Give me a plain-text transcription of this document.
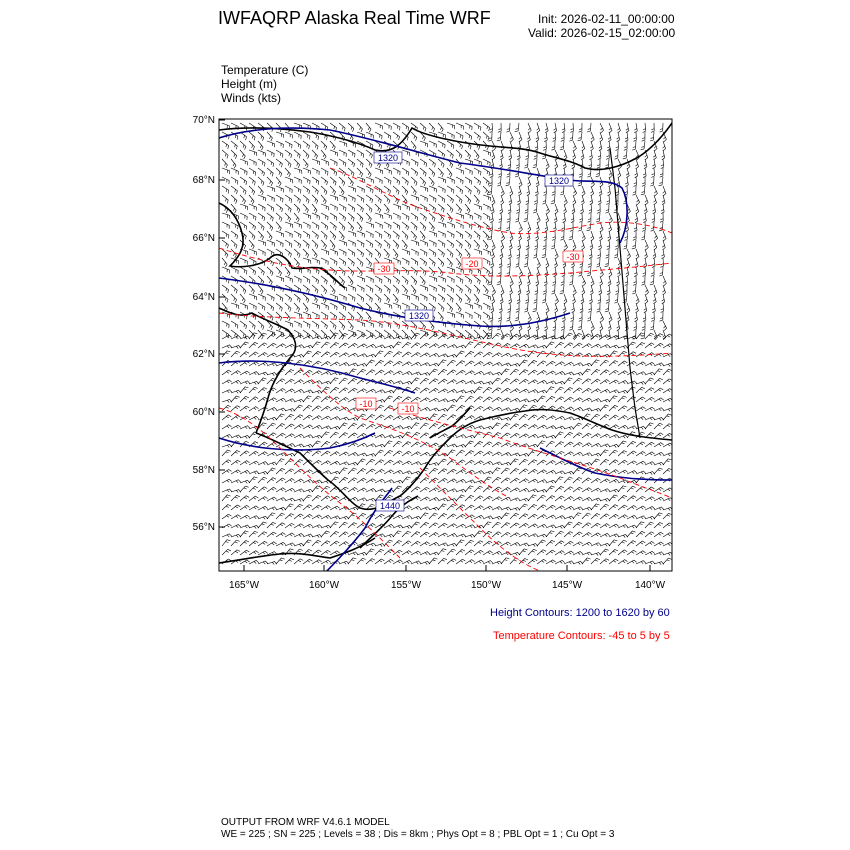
IWFAQRP Alaska Real Time WRF	Init: 2026-02-11_00:00:00
Valid: 2026-02-15_02:00:00
Temperature (C)
Height (m)
Winds (kts)
1320
1320
1320
1440
-20
-30
-30
-10	-10
70°N
68°N
66°N
64°N
62°N
60°N
58°N
56°N
165°W	160°W	155°W	150°W	145°W	140°W
Height Contours: 1200 to 1620 by 60
Temperature Contours: -45 to 5 by 5
OUTPUT FROM WRF V4.6.1 MODEL
WE = 225 ; SN = 225 ; Levels = 38 ; Dis = 8km ; Phys Opt = 8 ; PBL Opt = 1 ; Cu Opt = 3
